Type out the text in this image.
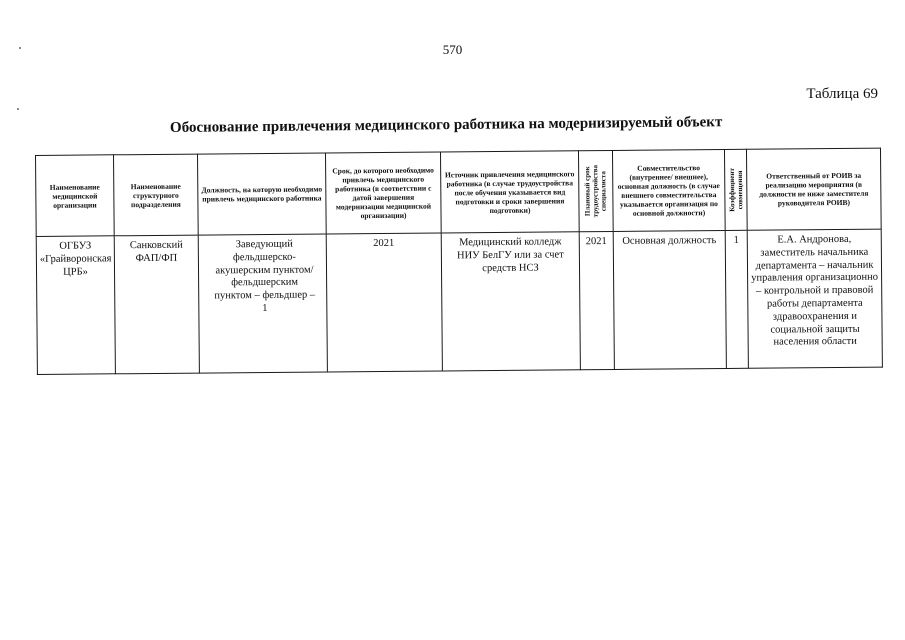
570
Таблица 69
Обоснование привлечения медицинского работника на модернизируемый объект
Наименование медицинской организации	Наименование структурного подразделения	Должность, на которую необходимо привлечь медицинского работника	Срок, до которого необходимо привлечь медицинского работника (в соответствии с датой завершения модернизации медицинской организации)	Источник привлечения медицинского работника (в случае трудоустройства после обучения указывается вид подготовки и сроки завершения подготовки)	Плановый срок трудоустройства специалиста	Совместительство (внутреннее/ внешнее), основная должность (в случае внешнего совместительства указывается организация по основной должности)	Коэффициент совмещения	Ответственный от РОИВ за реализацию мероприятия (в должности не ниже заместителя руководителя РОИВ)
ОГБУЗ «Грайворонская ЦРБ»	Санковский ФАП/ФП	Заведующий фельдшерско-акушерским пунктом/фельдшерским пунктом – фельдшер – 1	2021	Медицинский колледж НИУ БелГУ или за счет средств НСЗ	2021	Основная должность	1	Е.А. Андронова, заместитель начальника департамента – начальник управления организационно – контрольной и правовой работы департамента здравоохранения и социальной защиты населения области
